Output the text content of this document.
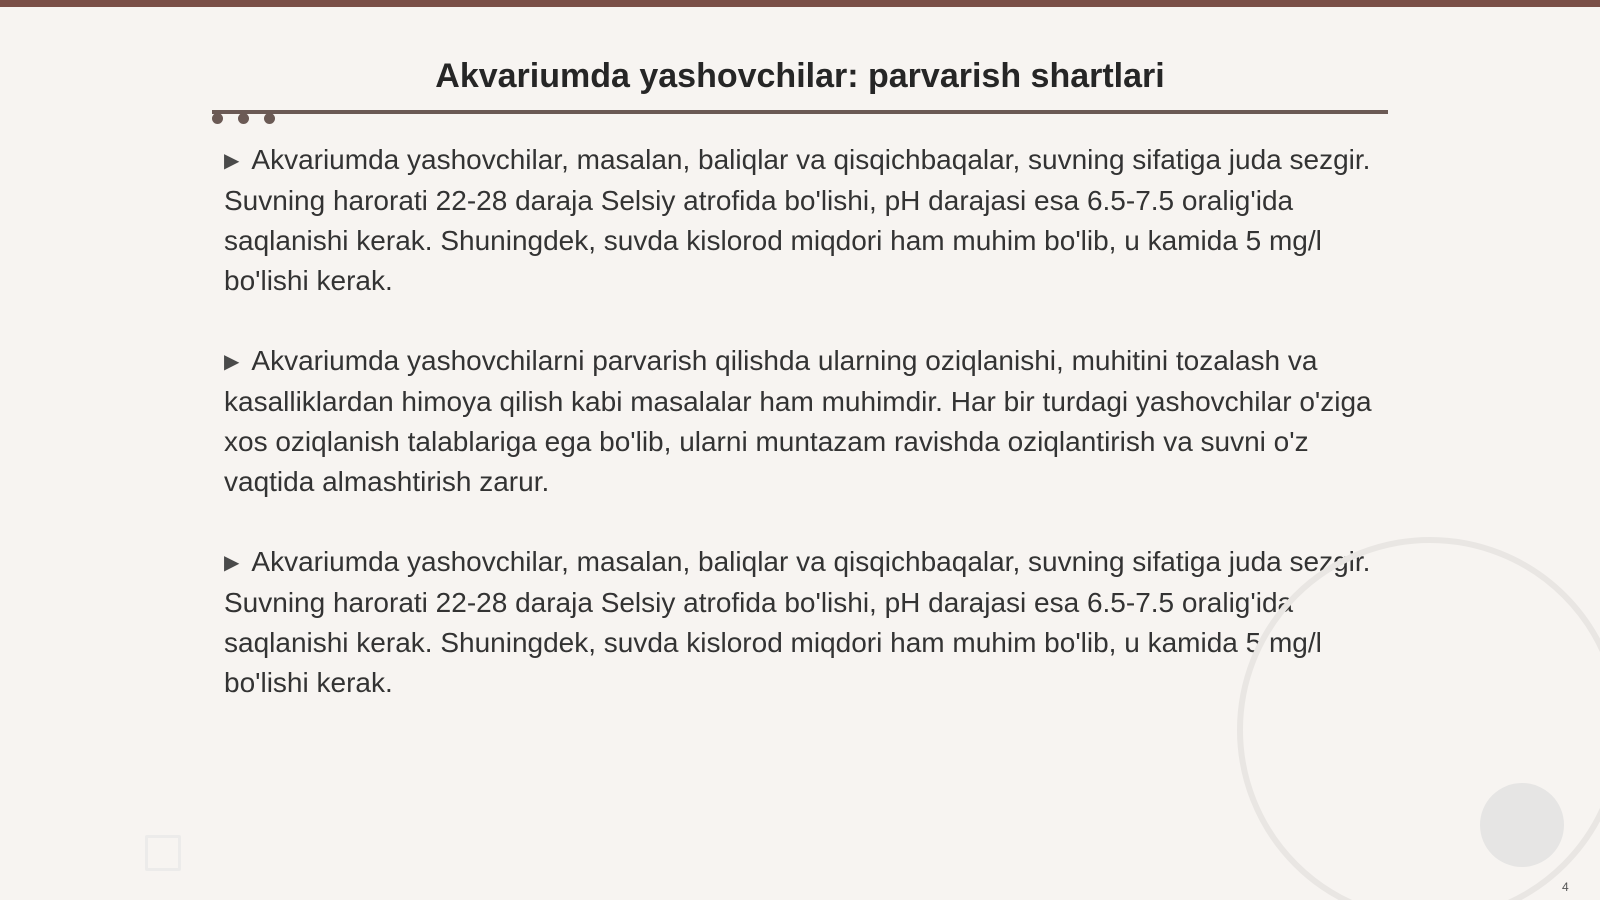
Akvariumda yashovchilar: parvarish shartlari

▶ Akvariumda yashovchilar, masalan, baliqlar va qisqichbaqalar, suvning sifatiga juda sezgir. Suvning harorati 22-28 daraja Selsiy atrofida bo'lishi, pH darajasi esa 6.5-7.5 oralig'ida saqlanishi kerak. Shuningdek, suvda kislorod miqdori ham muhim bo'lib, u kamida 5 mg/l bo'lishi kerak.

▶ Akvariumda yashovchilarni parvarish qilishda ularning oziqlanishi, muhitini tozalash va kasalliklardan himoya qilish kabi masalalar ham muhimdir. Har bir turdagi yashovchilar o'ziga xos oziqlanish talablariga ega bo'lib, ularni muntazam ravishda oziqlantirish va suvni o'z vaqtida almashtirish zarur.

▶ Akvariumda yashovchilar, masalan, baliqlar va qisqichbaqalar, suvning sifatiga juda sezgir. Suvning harorati 22-28 daraja Selsiy atrofida bo'lishi, pH darajasi esa 6.5-7.5 oralig'ida saqlanishi kerak. Shuningdek, suvda kislorod miqdori ham muhim bo'lib, u kamida 5 mg/l bo'lishi kerak.

4
